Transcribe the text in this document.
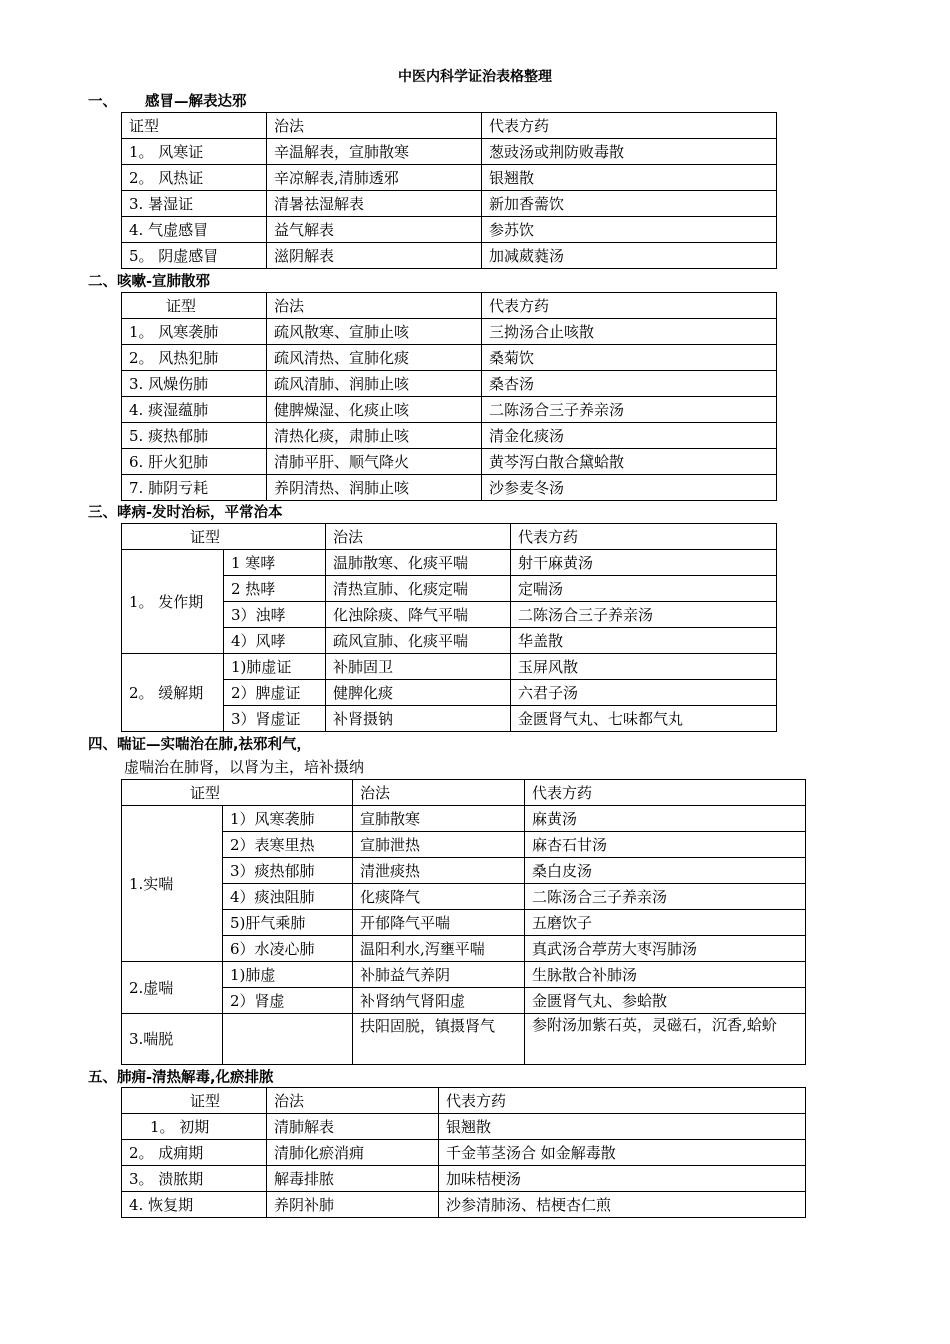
中医内科学证治表格整理
一、 感冒—解表达邪
证型	治法	代表方药
1。 风寒证	辛温解表，宣肺散寒	葱豉汤或荆防败毒散
2。 风热证	辛凉解表,清肺透邪	银翘散
3. 暑湿证	清暑祛湿解表	新加香薷饮
4. 气虚感冒	益气解表	参苏饮
5。 阴虚感冒	滋阴解表	加减葳蕤汤
二、咳嗽-宣肺散邪
证型	治法	代表方药
1。 风寒袭肺	疏风散寒、宣肺止咳	三拗汤合止咳散
2。 风热犯肺	疏风清热、宣肺化痰	桑菊饮
3. 风燥伤肺	疏风清肺、润肺止咳	桑杏汤
4. 痰湿蕴肺	健脾燥湿、化痰止咳	二陈汤合三子养亲汤
5. 痰热郁肺	清热化痰，肃肺止咳	清金化痰汤
6. 肝火犯肺	清肺平肝、顺气降火	黄芩泻白散合黛蛤散
7. 肺阴亏耗	养阴清热、润肺止咳	沙参麦冬汤
三、哮病-发时治标，平常治本
证型		治法	代表方药
1。 发作期	1 寒哮	温肺散寒、化痰平喘	射干麻黄汤
	2 热哮	清热宣肺、化痰定喘	定喘汤
	3）浊哮	化浊除痰、降气平喘	二陈汤合三子养亲汤
	4）风哮	疏风宣肺、化痰平喘	华盖散
2。 缓解期	1)肺虚证	补肺固卫	玉屏风散
	2）脾虚证	健脾化痰	六君子汤
	3）肾虚证	补肾摄钠	金匮肾气丸、七味都气丸
四、喘证—实喘治在肺,祛邪利气，
虚喘治在肺肾，以肾为主，培补摄纳
证型		治法	代表方药
1.实喘	1）风寒袭肺	宣肺散寒	麻黄汤
	2）表寒里热	宣肺泄热	麻杏石甘汤
	3）痰热郁肺	清泄痰热	桑白皮汤
	4）痰浊阻肺	化痰降气	二陈汤合三子养亲汤
	5)肝气乘肺	开郁降气平喘	五磨饮子
	6）水凌心肺	温阳利水,泻壅平喘	真武汤合葶苈大枣泻肺汤
2.虚喘	1)肺虚	补肺益气养阴	生脉散合补肺汤
	2）肾虚	补肾纳气肾阳虚	金匮肾气丸、参蛤散
3.喘脱		扶阳固脱，镇摄肾气	参附汤加紫石英，灵磁石，沉香,蛤蚧
五、肺痈-清热解毒,化瘀排脓
证型	治法	代表方药
1。 初期	清肺解表	银翘散
2。 成痈期	清肺化瘀消痈	千金苇茎汤合 如金解毒散
3。 溃脓期	解毒排脓	加味桔梗汤
4. 恢复期	养阴补肺	沙参清肺汤、桔梗杏仁煎
